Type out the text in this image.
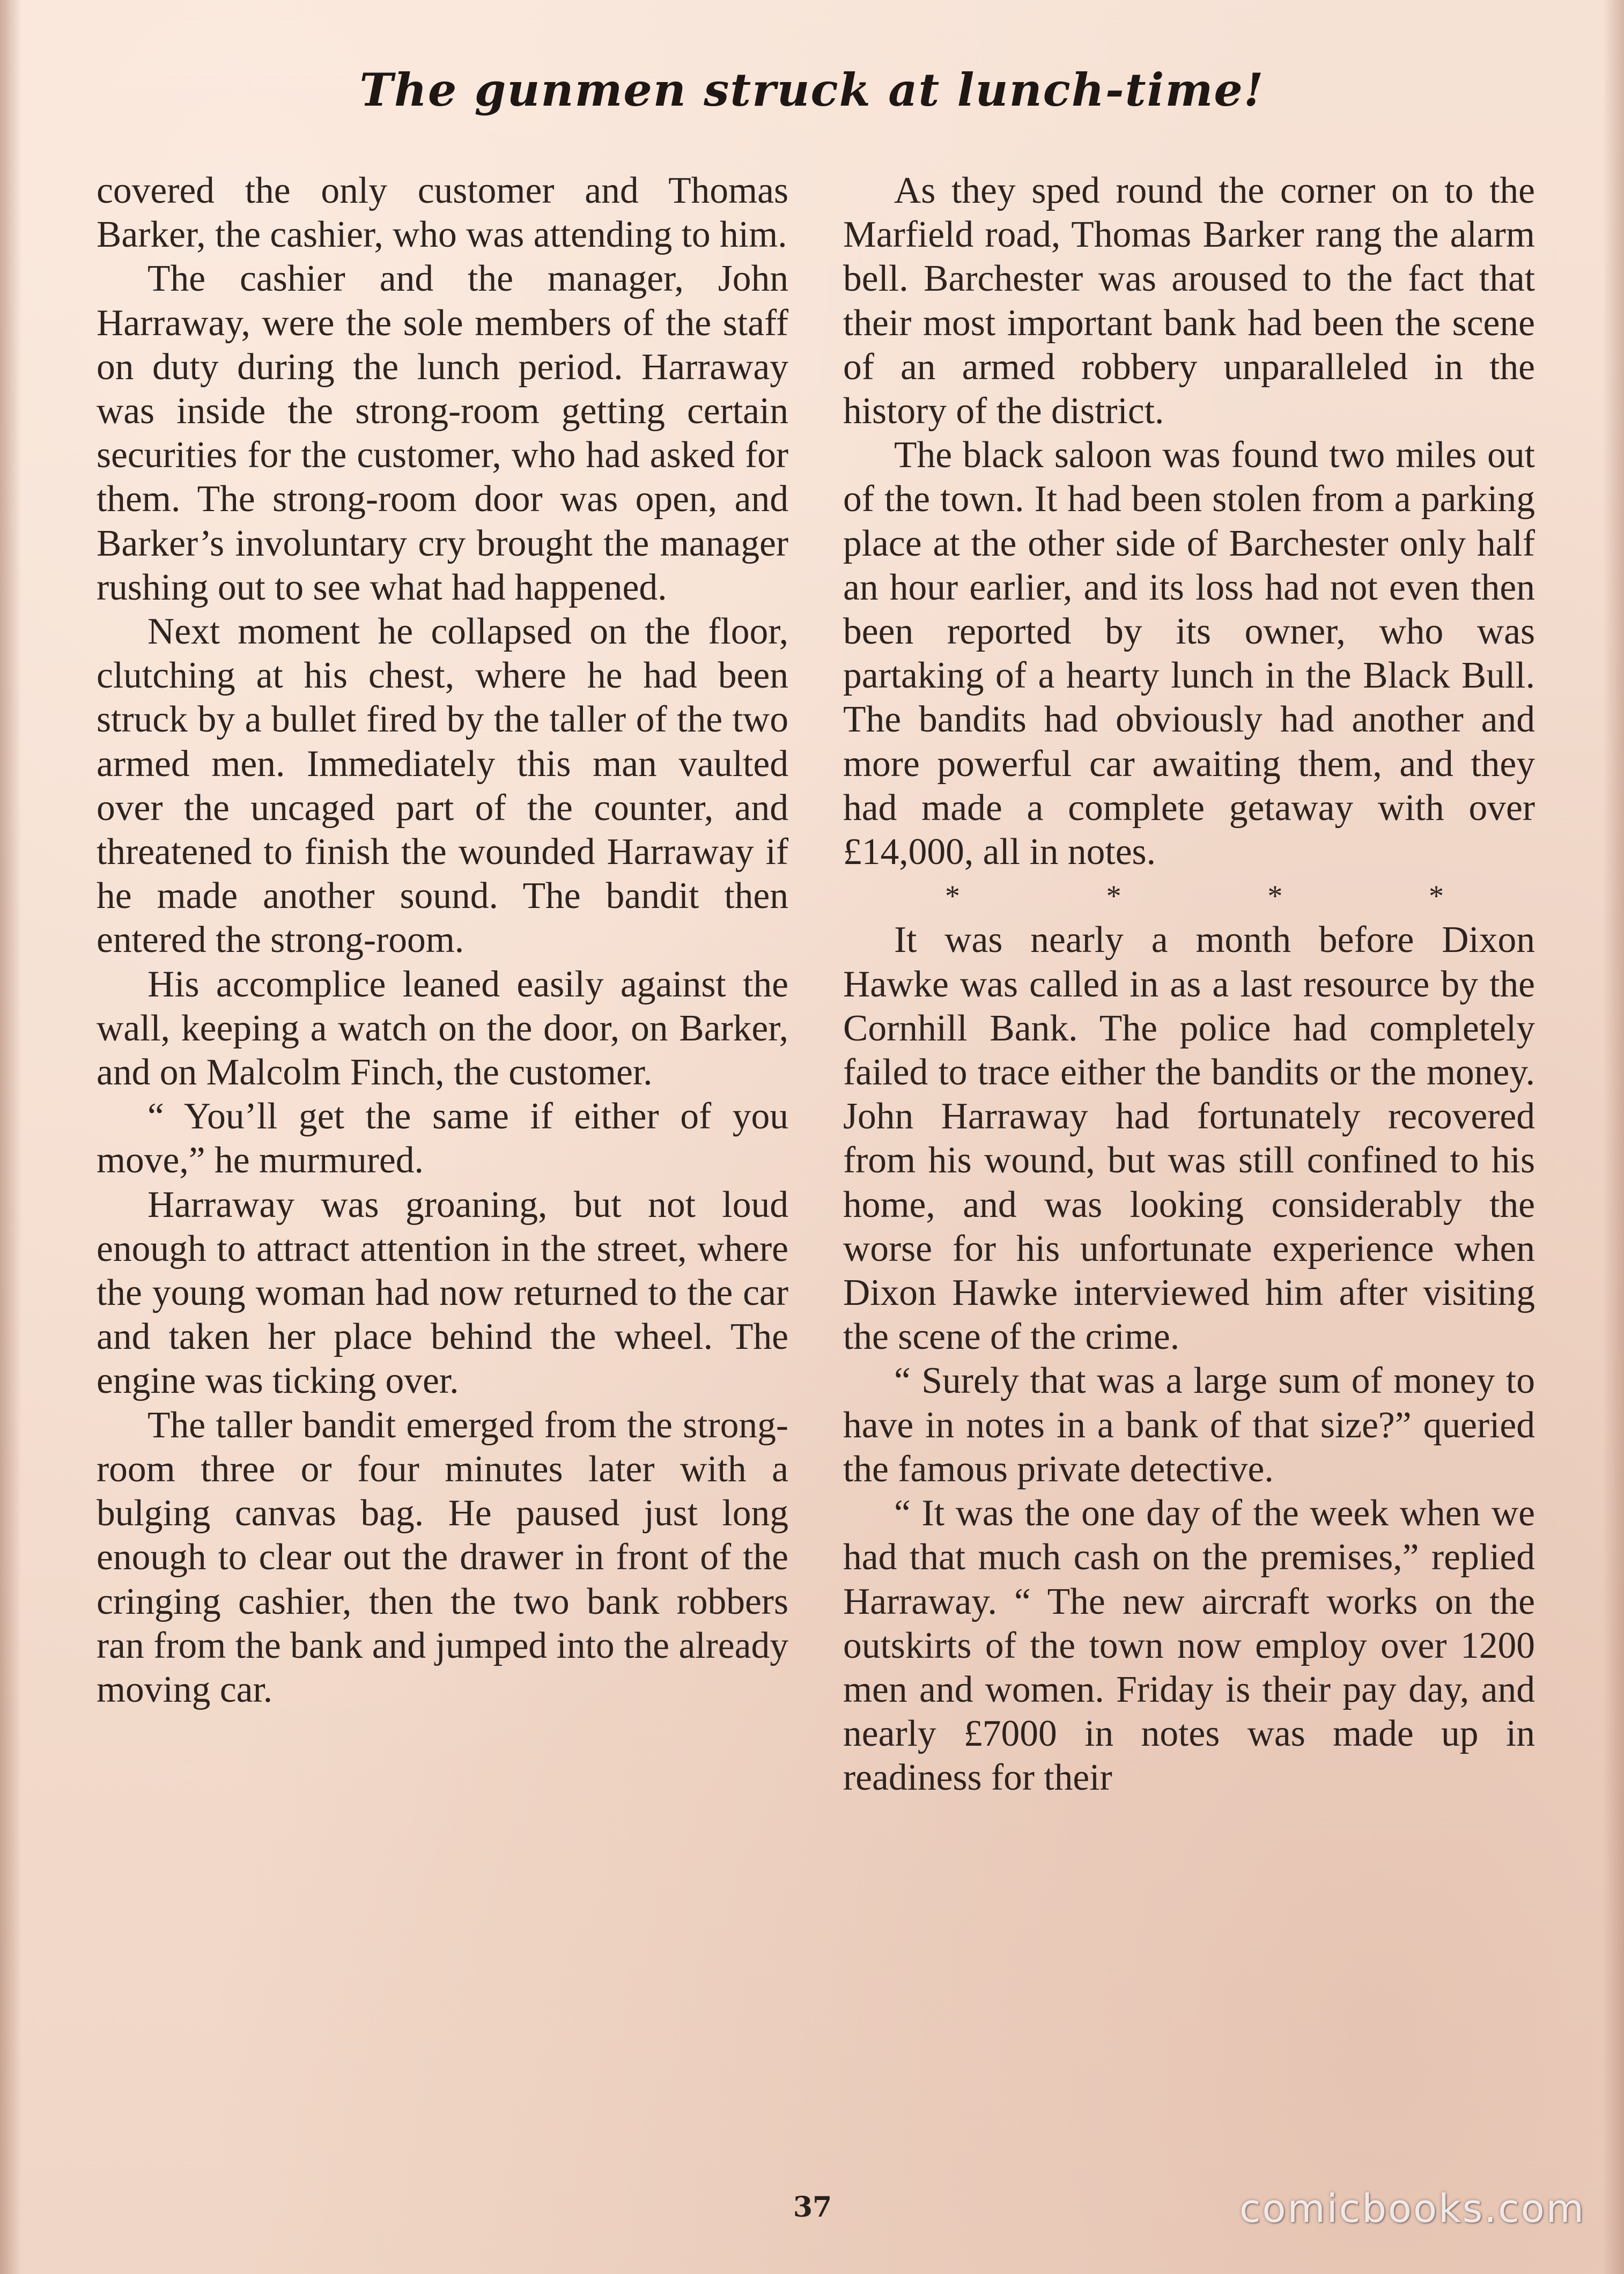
The gunmen struck at lunch-time!

covered the only customer and Thomas Barker, the cashier, who was attending to him.

The cashier and the manager, John Harraway, were the sole members of the staff on duty during the lunch period. Harraway was inside the strong-room getting certain securities for the customer, who had asked for them. The strong-room door was open, and Barker’s involuntary cry brought the manager rushing out to see what had happened.

Next moment he collapsed on the floor, clutching at his chest, where he had been struck by a bullet fired by the taller of the two armed men. Immediately this man vaulted over the uncaged part of the counter, and threatened to finish the wounded Harraway if he made another sound. The bandit then entered the strong-room.

His accomplice leaned easily against the wall, keeping a watch on the door, on Barker, and on Malcolm Finch, the customer.

“ You’ll get the same if either of you move,” he murmured.

Harraway was groaning, but not loud enough to attract attention in the street, where the young woman had now returned to the car and taken her place behind the wheel. The engine was ticking over.

The taller bandit emerged from the strong-room three or four minutes later with a bulging canvas bag. He paused just long enough to clear out the drawer in front of the cringing cashier, then the two bank robbers ran from the bank and jumped into the already moving car.

As they sped round the corner on to the Marfield road, Thomas Barker rang the alarm bell. Barchester was aroused to the fact that their most important bank had been the scene of an armed robbery unparalleled in the history of the district.

The black saloon was found two miles out of the town. It had been stolen from a parking place at the other side of Barchester only half an hour earlier, and its loss had not even then been reported by its owner, who was partaking of a hearty lunch in the Black Bull. The bandits had obviously had another and more powerful car awaiting them, and they had made a complete getaway with over £14,000, all in notes.

*	*	*	*

It was nearly a month before Dixon Hawke was called in as a last resource by the Cornhill Bank. The police had completely failed to trace either the bandits or the money. John Harraway had fortunately recovered from his wound, but was still confined to his home, and was looking considerably the worse for his unfortunate experience when Dixon Hawke interviewed him after visiting the scene of the crime.

“ Surely that was a large sum of money to have in notes in a bank of that size?” queried the famous private detective.

“ It was the one day of the week when we had that much cash on the premises,” replied Harraway. “ The new aircraft works on the outskirts of the town now employ over 1200 men and women. Friday is their pay day, and nearly £7000 in notes was made up in readiness for their

37	comicbooks.com
